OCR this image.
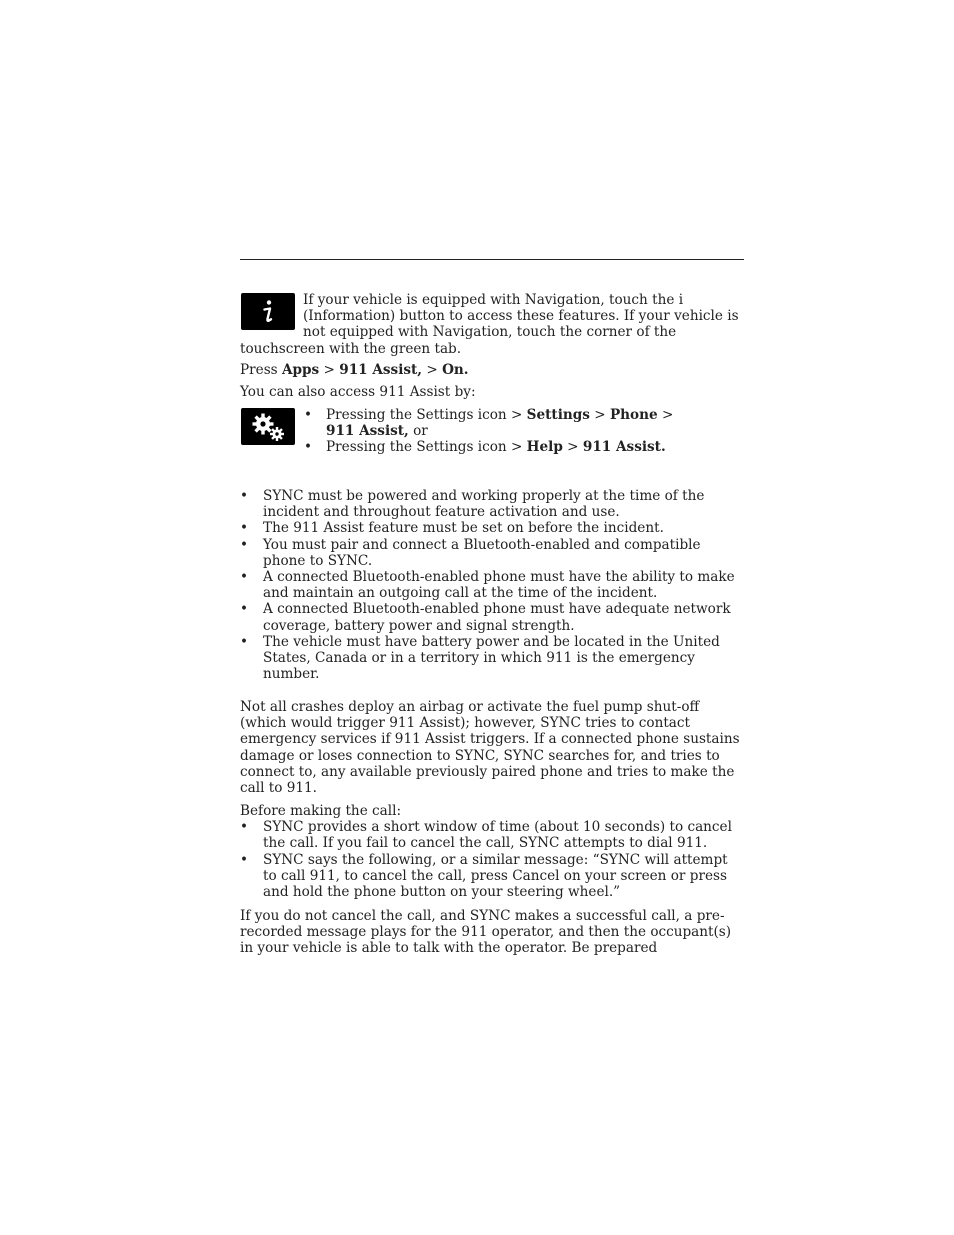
If your vehicle is equipped with Navigation, touch the i (Information) button to access these features. If your vehicle is not equipped with Navigation, touch the corner of the touchscreen with the green tab.

Press Apps > 911 Assist, > On.

You can also access 911 Assist by:

• Pressing the Settings icon > Settings > Phone > 911 Assist, or
• Pressing the Settings icon > Help > 911 Assist.
• SYNC must be powered and working properly at the time of the incident and throughout feature activation and use.
• The 911 Assist feature must be set on before the incident.
• You must pair and connect a Bluetooth-enabled and compatible phone to SYNC.
• A connected Bluetooth-enabled phone must have the ability to make and maintain an outgoing call at the time of the incident.
• A connected Bluetooth-enabled phone must have adequate network coverage, battery power and signal strength.
• The vehicle must have battery power and be located in the United States, Canada or in a territory in which 911 is the emergency number.

Not all crashes deploy an airbag or activate the fuel pump shut-off (which would trigger 911 Assist); however, SYNC tries to contact emergency services if 911 Assist triggers. If a connected phone sustains damage or loses connection to SYNC, SYNC searches for, and tries to connect to, any available previously paired phone and tries to make the call to 911.

Before making the call:

• SYNC provides a short window of time (about 10 seconds) to cancel the call. If you fail to cancel the call, SYNC attempts to dial 911.
• SYNC says the following, or a similar message: “SYNC will attempt to call 911, to cancel the call, press Cancel on your screen or press and hold the phone button on your steering wheel.”

If you do not cancel the call, and SYNC makes a successful call, a pre-recorded message plays for the 911 operator, and then the occupant(s) in your vehicle is able to talk with the operator. Be prepared
